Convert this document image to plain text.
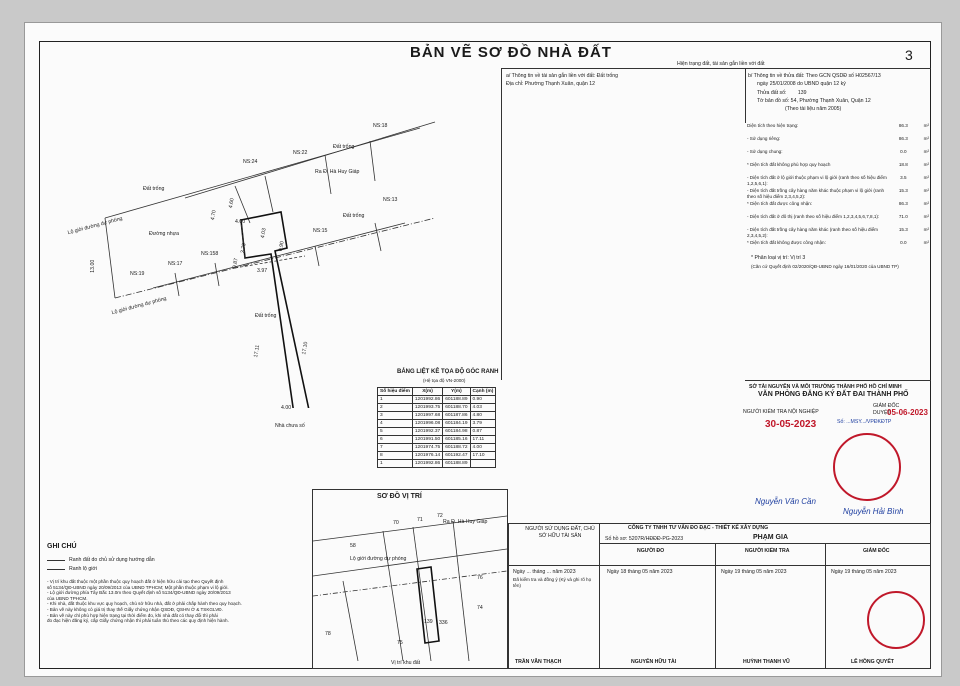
BẢN VẼ SƠ ĐỒ NHÀ ĐẤT	3
Hiện trạng đất, tài sản gắn liền với đất
a/ Thông tin về tài sản gắn liền với đất: Đất trống
Địa chỉ: Phường Thạnh Xuân, quận 12
b/ Thông tin về thửa đất: Theo GCN QSDĐ số H02567/13
ngày 25/01/2008 do UBND quận 12 ký
Thửa đất số: 139
Tờ bản đồ số: 54, Phường Thạnh Xuân, Quận 12
(Theo tài liệu năm 2005)
Diện tích theo hiện trạng:	86.3	m²
- Sử dụng riêng:	86.3	m²
- Sử dụng chung:	0.0	m²
* Diện tích đất không phù hợp quy hoạch	18.8	m²
- Diện tích đất ở lộ giới thuộc phạm vi lộ giới (ranh theo số hiệu điểm 1,2,5,6,1):
3.5	m²
- Diện tích đất trồng cây hàng năm khác thuộc phạm vi lộ giới (ranh theo số hiệu điểm 2,3,4,5,2):
15.3	m²
* Diện tích đất được công nhận:	86.3	m²
- Diện tích đất ở đô thị (ranh theo số hiệu điểm 1,2,3,4,5,6,7,8,1):	71.0	m²
- Diện tích đất trồng cây hàng năm khác (ranh theo số hiệu điểm 2,3,4,5,2):
15.3	m²
* Diện tích đất không được công nhận:	0.0	m²
* Phân loại vị trí: Vị trí 3
(Căn cứ Quyết định 02/2020/QĐ-UBND ngày 16/01/2020 của UBND TP)
NS:18
NS:22
NS:24
NS:13
NS:15
NS:17
NS:19
NS:158
Đất trống
Đất trống
Đất trống
Đất trống
Đường nhựa
Ra Đ. Hà Huy Giáp
Lộ giới đường dự phóng
Lộ giới đường dự phóng
Nhà chưa số
4.60
4.70
4.00
4.03
0.90
3.79
0.87
3.97
17.11	17.10
4.00
13.00
BẢNG LIỆT KÊ TỌA ĐỘ GÓC RANH
(Hệ tọa độ VN-2000)
Số hiệu điểm	X(m)	Y(m)	Cạnh (m)
1	1201992.86	601188.89	0.90
2	1201993.75	601188.70	4.03
3	1201997.68	601187.86	4.80
4	1201996.08	601184.19	3.79
5	1201992.37	601184.98	0.87
6	1201991.50	601185.16	17.11
7	1201974.75	601188.72	4.00
8	1201976.14	601192.47	17.10
1	1201992.86	601188.89	
SƠ ĐỒ VỊ TRÍ
Lộ giới đường dự phóng
Ra Đ. Hà Huy Giáp
139
70	71
72
58
75
74
76
336
78
Vị trí khu đất
GHI CHÚ
Ranh đất do chủ sử dụng hướng dẫn
Ranh lộ giới
- Vị trí khu đất thuộc một phần thuộc quy hoạch đất ở hiện hữu cải tạo theo Quyết định
số 5134/QĐ-UBND ngày 20/09/2013 của UBND TPHCM; Một phần thuộc phạm vi lộ giới.
- Lộ giới đường phía Tây Bắc 13.0m theo Quyết định số 5134/QĐ-UBND ngày 20/09/2013
của UBND TPHCM.
- Khi nhà, đất thuộc khu vực quy hoạch, chủ sở hữu nhà, đất ở phải chấp hành theo quy hoạch.
- Bản vẽ này không có giá trị thay thế Giấy chứng nhận QSDĐ, QSHN Ở & TSKGLVĐ.
- Bản vẽ này chỉ phù hợp hiện trạng tại thời điểm đo, khi nhà đất có thay đổi thì phải
đo đạc hiện đăng ký, cấp Giấy chứng nhận thì phải tuân thủ theo các quy định hiện hành.
SỞ TÀI NGUYÊN VÀ MÔI TRƯỜNG THÀNH PHỐ HỒ CHÍ MINH
VĂN PHÒNG ĐĂNG KÝ ĐẤT ĐAI THÀNH PHỐ
NGƯỜI KIỂM TRA NỘI NGHIỆP
GIÁM ĐỐC
DUYỆT
05-06-2023
30-05-2023	Số: ...MSY.../VPĐKĐTP
Nguyễn Văn Cần
Nguyễn Hải Bình
CÔNG TY TNHH TƯ VẤN ĐO ĐẠC - THIẾT KẾ XÂY DỰNG
Số hồ sơ: 5207R/HĐĐĐ-PG-2023	PHẠM GIA
NGƯỜI ĐO	NGƯỜI KIỂM TRA	GIÁM ĐỐC
Ngày 18 tháng 05 năm 2023	Ngày 19 tháng 05 năm 2023	Ngày 19 tháng 05 năm 2023
NGUYỄN HỮU TÀI	HUỲNH THANH VŨ	LÊ HỒNG QUYẾT
NGƯỜI SỬ DỤNG ĐẤT, CHỦ SỞ HỮU TÀI SẢN
Ngày ... tháng ... năm 2023
Đã kiểm tra và đồng ý (Ký và ghi rõ họ tên)
TRẦN VĂN THẠCH
